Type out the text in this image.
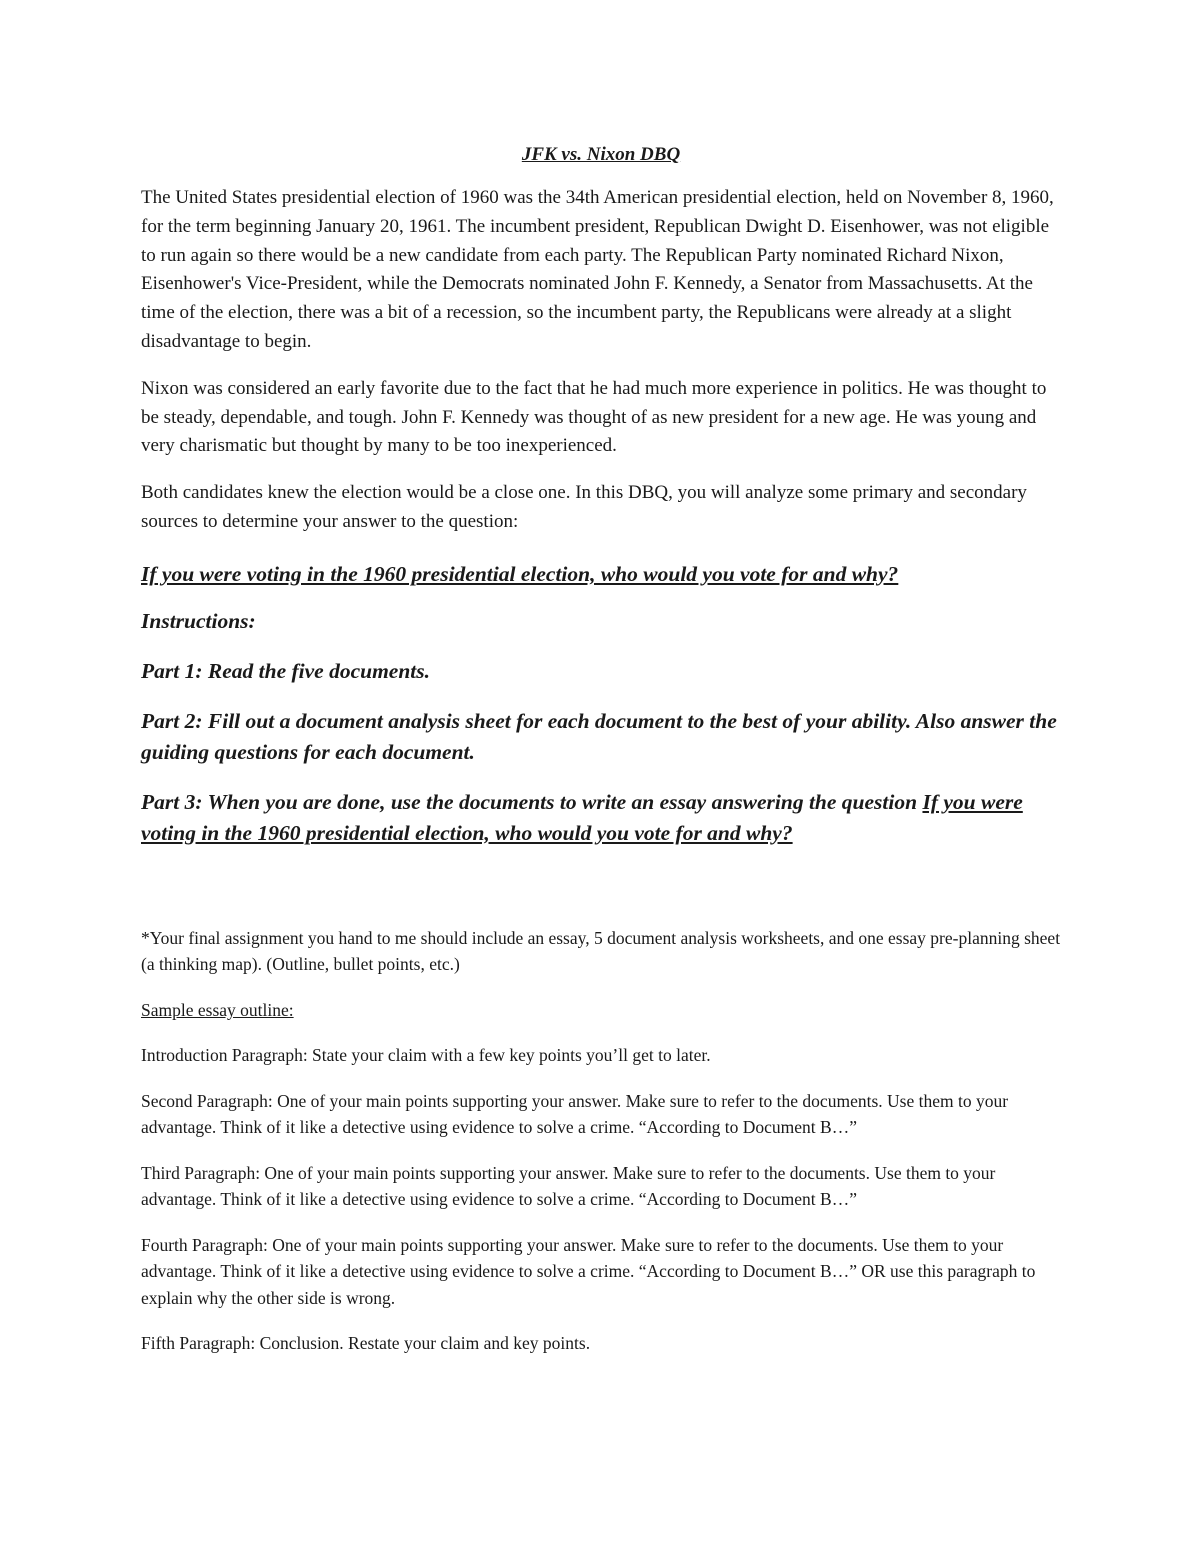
JFK vs. Nixon DBQ

The United States presidential election of 1960 was the 34th American presidential election, held on November 8, 1960, for the term beginning January 20, 1961. The incumbent president, Republican Dwight D. Eisenhower, was not eligible to run again so there would be a new candidate from each party. The Republican Party nominated Richard Nixon, Eisenhower's Vice-President, while the Democrats nominated John F. Kennedy, a Senator from Massachusetts. At the time of the election, there was a bit of a recession, so the incumbent party, the Republicans were already at a slight disadvantage to begin.

Nixon was considered an early favorite due to the fact that he had much more experience in politics. He was thought to be steady, dependable, and tough. John F. Kennedy was thought of as new president for a new age. He was young and very charismatic but thought by many to be too inexperienced.

Both candidates knew the election would be a close one. In this DBQ, you will analyze some primary and secondary sources to determine your answer to the question:

If you were voting in the 1960 presidential election, who would you vote for and why?
Instructions:
Part 1: Read the five documents.
Part 2: Fill out a document analysis sheet for each document to the best of your ability. Also answer the guiding questions for each document.
Part 3: When you are done, use the documents to write an essay answering the question If you were voting in the 1960 presidential election, who would you vote for and why?

*Your final assignment you hand to me should include an essay, 5 document analysis worksheets, and one essay pre-planning sheet (a thinking map). (Outline, bullet points, etc.)

Sample essay outline:

Introduction Paragraph: State your claim with a few key points you’ll get to later.

Second Paragraph: One of your main points supporting your answer. Make sure to refer to the documents. Use them to your advantage. Think of it like a detective using evidence to solve a crime. “According to Document B…”

Third Paragraph: One of your main points supporting your answer. Make sure to refer to the documents. Use them to your advantage. Think of it like a detective using evidence to solve a crime. “According to Document B…”

Fourth Paragraph: One of your main points supporting your answer. Make sure to refer to the documents. Use them to your advantage. Think of it like a detective using evidence to solve a crime. “According to Document B…” OR use this paragraph to explain why the other side is wrong.

Fifth Paragraph: Conclusion. Restate your claim and key points.
